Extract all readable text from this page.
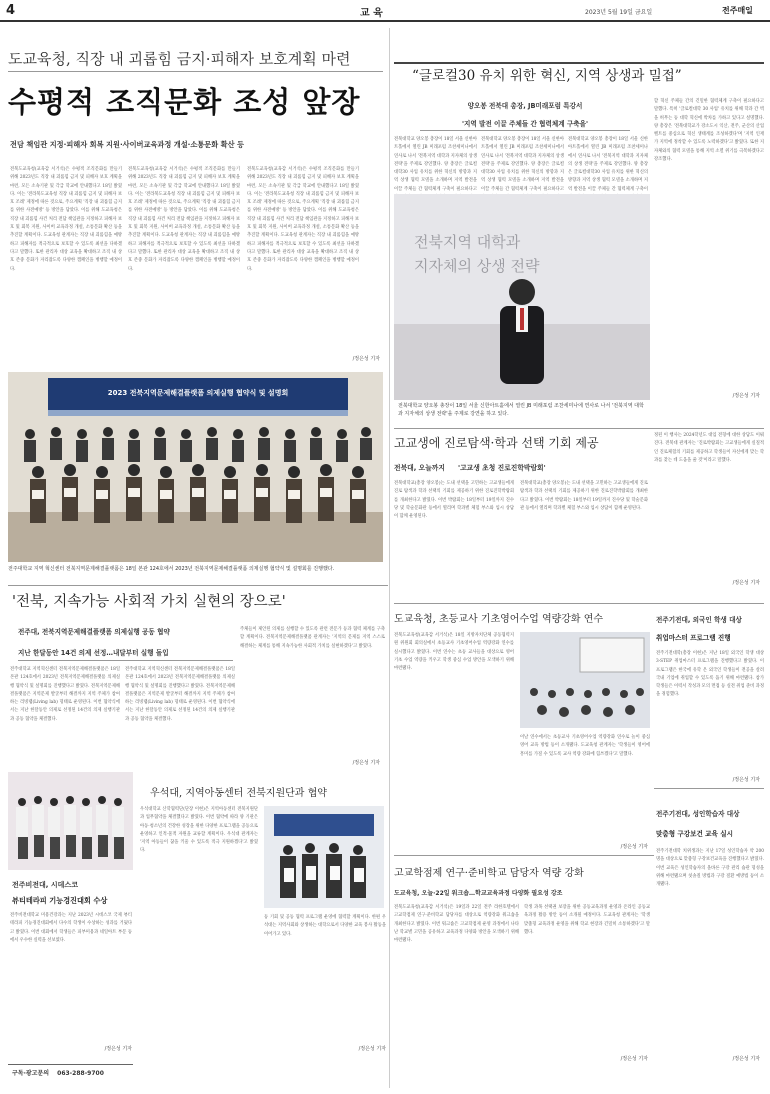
4	교 육	2023년 5월 19일 금요일	전주매일
도교육청, 직장 내 괴롭힘 금지·피해자 보호계획 마련
수평적 조직문화 조성 앞장
전담 책임관 지정·피해자 회복 지원·사이버교육과정 개설·소통문화 확산 등
전북도교육청(교육감 서거석)은 수평적 조직문화를 만들기 위해 2023년도 직장 내 괴롭힘 금지 및 피해자 보호 계획을 마련, 모든 소속기관 및 각급 학교에 안내했다고 18일 밝혔다. 이는 '전라북도교육청 직장 내 괴롭힘 금지 및 피해자 보호 조례' 제정에 따른 것으로, 주요계획 '직장 내 괴롭힘 금지를 위한 사전예방' 등 방안을 담았다. 이를 위해 도교육청은 직장 내 괴롭힘 사건 처리 전담 책임관을 지정하고 피해자 보호 및 회복 지원, 사이버 교육과정 개설, 소통문화 확산 등을 추진할 계획이다. 도교육청 관계자는 직장 내 괴롭힘을 예방하고 피해자를 적극적으로 보호할 수 있도록 최선을 다하겠다고 말했다. 또한 관리자 대상 교육을 확대하고 조직 내 상호 존중 문화가 자리잡도록 다양한 캠페인을 병행할 예정이다.
전북도교육청(교육감 서거석)은 수평적 조직문화를 만들기 위해 2023년도 직장 내 괴롭힘 금지 및 피해자 보호 계획을 마련, 모든 소속기관 및 각급 학교에 안내했다고 18일 밝혔다. 이는 '전라북도교육청 직장 내 괴롭힘 금지 및 피해자 보호 조례' 제정에 따른 것으로, 주요계획 '직장 내 괴롭힘 금지를 위한 사전예방' 등 방안을 담았다. 이를 위해 도교육청은 직장 내 괴롭힘 사건 처리 전담 책임관을 지정하고 피해자 보호 및 회복 지원, 사이버 교육과정 개설, 소통문화 확산 등을 추진할 계획이다. 도교육청 관계자는 직장 내 괴롭힘을 예방하고 피해자를 적극적으로 보호할 수 있도록 최선을 다하겠다고 말했다. 또한 관리자 대상 교육을 확대하고 조직 내 상호 존중 문화가 자리잡도록 다양한 캠페인을 병행할 예정이다.
전북도교육청(교육감 서거석)은 수평적 조직문화를 만들기 위해 2023년도 직장 내 괴롭힘 금지 및 피해자 보호 계획을 마련, 모든 소속기관 및 각급 학교에 안내했다고 18일 밝혔다. 이는 '전라북도교육청 직장 내 괴롭힘 금지 및 피해자 보호 조례' 제정에 따른 것으로, 주요계획 '직장 내 괴롭힘 금지를 위한 사전예방' 등 방안을 담았다. 이를 위해 도교육청은 직장 내 괴롭힘 사건 처리 전담 책임관을 지정하고 피해자 보호 및 회복 지원, 사이버 교육과정 개설, 소통문화 확산 등을 추진할 계획이다. 도교육청 관계자는 직장 내 괴롭힘을 예방하고 피해자를 적극적으로 보호할 수 있도록 최선을 다하겠다고 말했다. 또한 관리자 대상 교육을 확대하고 조직 내 상호 존중 문화가 자리잡도록 다양한 캠페인을 병행할 예정이다.
/정은성 기자
2023 전북지역문제해결플랫폼 의제실행 협약식 및 설명회
전주대학교 지역 혁신센터 전북지역문제해결플랫폼은 18일 본관 124호에서 2023년 전북지역문제해결플랫폼 의제실행 협약식 및 설명회를 진행했다.
“글로컬30 유치 위한 혁신, 지역 상생과 밀접”
양오봉 전북대 총장, JB미래포럼 특강서
'지역 발전 이끌 주체들 간 협력체계 구축을'
전북대학교 양오봉 총장이 18일 서울 신한아트홀에서 열린 JB 미래포럼 조찬세미나에서 연사로 나서 '전북지역 대학과 지자체의 상생 전략'을 주제로 강연했다. 양 총장은 글로컬대학30 사업 유치를 위한 혁신의 방향과 지역 상생 협력 모델을 소개하며 지역 발전을 이끌 주체들 간 협력체계 구축이 필요하다고
전북대학교 양오봉 총장이 18일 서울 신한아트홀에서 열린 JB 미래포럼 조찬세미나에서 연사로 나서 '전북지역 대학과 지자체의 상생 전략'을 주제로 강연했다. 양 총장은 글로컬대학30 사업 유치를 위한 혁신의 방향과 지역 상생 협력 모델을 소개하며 지역 발전을 이끌 주체들 간 협력체계 구축이 필요하다고
전북대학교 양오봉 총장이 18일 서울 신한아트홀에서 열린 JB 미래포럼 조찬세미나에서 연사로 나서 '전북지역 대학과 지자체의 상생 전략'을 주제로 강연했다. 양 총장은 글로컬대학30 사업 유치를 위한 혁신의 방향과 지역 상생 협력 모델을 소개하며 지역 발전을 이끌 주체들 간 협력체계 구축이
할 혁신 주체들 간의 긴밀한 협력체계 구축이 필요하다고 말했다. 특히 '글로컬대학 30 사업' 유치를 위해 학과 간 벽을 허무는 등 대학 혁신에 박차를 가하고 있다고 설명했다. 양 총장은 '전북대학교가 강소도시 익산, 전주, 군산의 산업 벨트를 중심으로 혁신 생태계를 조성하겠다'며 '지역 인재가 지역에 정착할 수 있도록 노력하겠다'고 밝혔다. 또한 지자체와의 협력 모델을 통해 지역 소멸 위기를 극복하겠다고 강조했다.
/정은성 기자
전북지역 대학과
지자체의 상생 전략
전북대학교 양오봉 총장이 18일 서울 신한아트홀에서 열린 JB 미래포럼 조찬세미나에 연사로 나서 '전북지역 대학과 지자체의 상생 전략'을 주제로 강연을 하고 있다.
고교생에 진로탐색·학과 선택 기회 제공
전북대, 오늘까지 '고교생 초청 진로진학박람회'
전북대학교(총장 양오봉)는 도내 선택을 고민하는 고교생들에게 진로 탐색과 학과 선택의 기회를 제공하기 위한 진로진학박람회를 개최한다고 밝혔다. 이번 박람회는 18일부터 19일까지 진수당 및 학술문화관 등에서 열리며 학과별 체험 부스와 입시 상담이 함께 운영된다.
전북대학교(총장 양오봉)는 도내 선택을 고민하는 고교생들에게 진로 탐색과 학과 선택의 기회를 제공하기 위한 진로진학박람회를 개최한다고 밝혔다. 이번 박람회는 18일부터 19일까지 진수당 및 학술문화관 등에서 열리며 학과별 체험 부스와 입시 상담이 함께 운영된다.
정된 이 행사는 2024학년도 대입 전형에 대한 상담도 이뤄진다. 전북대 관계자는 '진로박람회는 고교생들에게 실질적인 진로체험의 기회를 제공하고 학생들이 자신에게 맞는 학과를 찾는 데 도움을 줄 것'이라고 말했다.
/정은성 기자
'전북, 지속가능 사회적 가치 실현의 장으로'
전주대, 전북지역문제해결플랫폼 의제실행 공동 협약
지난 한달동안 14건 의제 선정…내달부터 실행 돌입
전주대학교 지역혁신센터 전북지역문제해결플랫폼은 18일 본관 124호에서 2023년 전북지역문제해결플랫폼 의제실행 협약식 및 설명회를 진행했다고 밝혔다. 전북지역문제해결플랫폼은 지역문제 발굴부터 해결까지 지역 주체가 참여하는 리빙랩(Living lab) 형태로 운영된다. 이번 협약식에서는 지난 한달동안 의제로 선정된 14건의 의제 실행기관과 공동 협약을 체결했다.
전주대학교 지역혁신센터 전북지역문제해결플랫폼은 18일 본관 124호에서 2023년 전북지역문제해결플랫폼 의제실행 협약식 및 설명회를 진행했다고 밝혔다. 전북지역문제해결플랫폼은 지역문제 발굴부터 해결까지 지역 주체가 참여하는 리빙랩(Living lab) 형태로 운영된다. 이번 협약식에서는 지난 한달동안 의제로 선정된 14건의 의제 실행기관과 공동 협약을 체결했다.
주체들이 제안된 의제를 실행할 수 있도록 관련 전문가 등과 협력 체계를 구축할 계획이다. 전북지역문제해결플랫폼 관계자는 '지역의 문제를 지역 스스로 해결하는 체계를 통해 지속가능한 사회적 가치를 실현하겠다'고 밝혔다.
/정은성 기자
전주비전대, 시데스코
뷰티테라피 기능경진대회 수상
전주비전대학교 미용건강과는 지난 2023년 시데스코 국제 뷰티테라피 기능경진대회에서 다수의 학생이 수상하는 성과를 거뒀다고 밝혔다. 이번 대회에서 학생들은 피부미용과 네일아트 부문 등에서 우수한 실력을 선보였다.
/정은성 기자
우석대, 지역아동센터 전북지원단과 협약
우석대학교 산학협력단(단장 이현)은 지역아동센터 전북지원단과 업무협약을 체결했다고 밝혔다. 이번 협약에 따라 양 기관은 아동·청소년의 건강한 성장을 위한 다양한 프로그램을 공동으로 운영하고 인적·물적 자원을 교류할 계획이다. 우석대 관계자는 '지역 아동들이 꿈을 키울 수 있도록 적극 지원하겠다'고 밝혔다.
등 기회 및 공동 협력 프로그램 운영에 협력할 계획이다. 한편 우석대는 지역사회와 상생하는 대학으로서 다양한 교육 봉사 활동을 이어가고 있다.
/정은성 기자
도교육청, 초등교사 기초영어수업 역량강화 연수
전북도교육청(교육감 서거석)은 18일 지방자치단체 공동협력지원 위원회 회의실에서 초등교사 기초영어수업 역량강화 연수를 실시했다고 밝혔다. 이번 연수는 초등 교사들을 대상으로 영어 기초 수업 역량을 키우고 학생 중심 수업 방안을 모색하기 위해 마련됐다.
이날 연수에서는 초등교사 기초영어수업 역량강화 연수로 놀이 중심 영어 교육 방법 등이 소개됐다. 도교육청 관계자는 '학생들이 영어에 흥미를 가질 수 있도록 교사 역량 강화에 힘쓰겠다'고 말했다.
/정은성 기자
전주기전대, 외국인 학생 대상
취업마스터 프로그램 진행
전주기전대학(총장 이현)은 지난 18일 외국인 학생 대상 3-STEP 취업마스터 프로그램을 진행했다고 밝혔다. 이 프로그램은 한국에 유학 온 외국인 학생들이 전공을 살려 국내 기업에 취업할 수 있도록 돕기 위해 마련됐다. 참가 학생들은 이력서 작성과 모의 면접 등 실전 취업 준비 과정을 경험했다.
/정은성 기자
고교학점제 연구·준비학교 담당자 역량 강화
도교육청, 오늘·22일 워크숍…학교교육과정 다양화 필요성 강조
전북도교육청(교육감 서거석)은 19일과 22일 전주 라한호텔에서 고교학점제 연구·준비학교 담당자를 대상으로 역량강화 워크숍을 개최한다고 밝혔다. 이번 워크숍은 고교학점제 운영 과정에서 나타난 학교별 고민을 공유하고 교육과정 다양화 방안을 모색하기 위해 마련됐다.
학생 과목 선택권 보장을 위한 공동교육과정 운영과 온라인 공동교육과정 활용 방안 등이 소개될 예정이다. 도교육청 관계자는 '학생 맞춤형 교육과정 운영을 위해 학교 현장과 긴밀히 소통하겠다'고 말했다.
/정은성 기자
전주기전대, 성인학습자 대상
맞춤형 구강보건 교육 실시
전주기전대학 치위생과는 지난 17일 성인학습자 약 200명을 대상으로 맞춤형 구강보건교육을 진행했다고 밝혔다. 이번 교육은 성인학습자의 올바른 구강 관리 습관 형성을 위해 마련됐으며 칫솔질 방법과 구강 질환 예방법 등이 소개됐다.
/정은성 기자
구독·광고문의 063-288-9700
